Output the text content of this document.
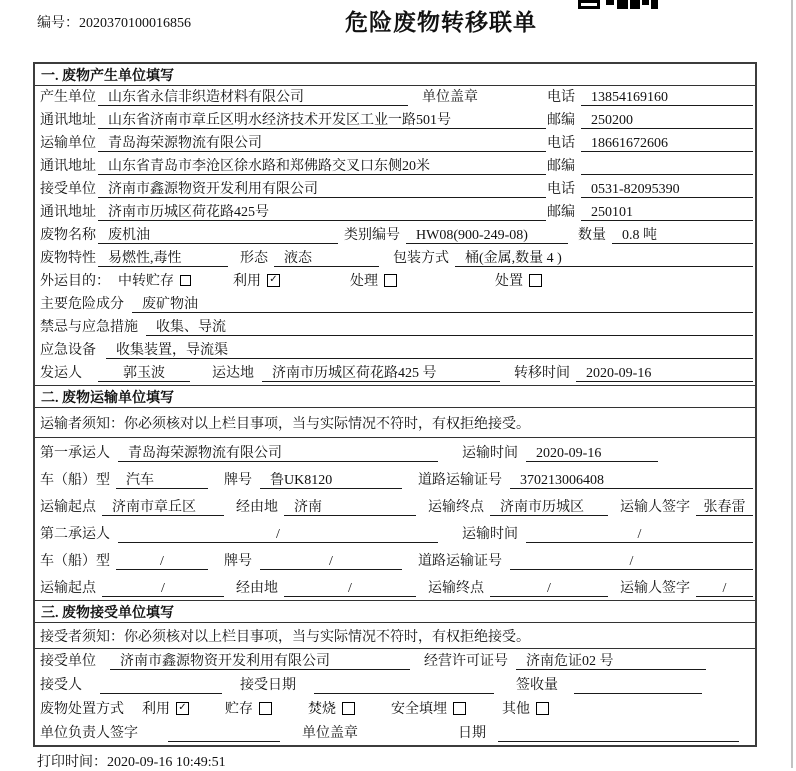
编号：2020370100016856	危险废物转移联单
一. 废物产生单位填写
产生单位 山东省永信非织造材料有限公司	单位盖章	电话	13854169160
通讯地址 山东省济南市章丘区明水经济技术开发区工业一路501号	邮编	250200
运输单位 青岛海荣源物流有限公司	电话	18661672606
通讯地址 山东省青岛市李沧区徐水路和郑佛路交叉口东侧20米	邮编
接受单位 济南市鑫源物资开发利用有限公司	电话	0531-82095390
通讯地址 济南市历城区荷花路425号	邮编	250101
废物名称 废机油	类别编号	HW08(900-249-08)	数量	0.8 吨
废物特性 易燃性,毒性	形态	液态	包装方式	桶(金属,数量 4 )
外运目的： 中转贮存	利用 ✓	处理	处置
主要危险成分	废矿物油
禁忌与应急措施	收集、导流
应急设备	收集装置，导流渠
发运人	郭玉波	运达地	济南市历城区荷花路425 号	转移时间	2020-09-16
二. 废物运输单位填写
运输者须知：你必须核对以上栏目事项，当与实际情况不符时，有权拒绝接受。
第一承运人	青岛海荣源物流有限公司	运输时间	2020-09-16
车（船）型	汽车	牌号	鲁UK8120	道路运输证号	370213006408
运输起点	济南市章丘区	经由地	济南	运输终点	济南市历城区	运输人签字 张春雷
第二承运人	/	运输时间	/
车（船）型	/	牌号	/	道路运输证号	/
运输起点	/	经由地	/	运输终点	/	运输人签字	/
三. 废物接受单位填写
接受者须知：你必须核对以上栏目事项，当与实际情况不符时，有权拒绝接受。
接受单位	济南市鑫源物资开发利用有限公司	经营许可证号	济南危证02 号
接受人	接受日期	签收量
废物处置方式 利用 ✓	贮存	焚烧	安全填埋	其他
单位负责人签字	单位盖章	日期
打印时间：2020-09-16 10:49:51
